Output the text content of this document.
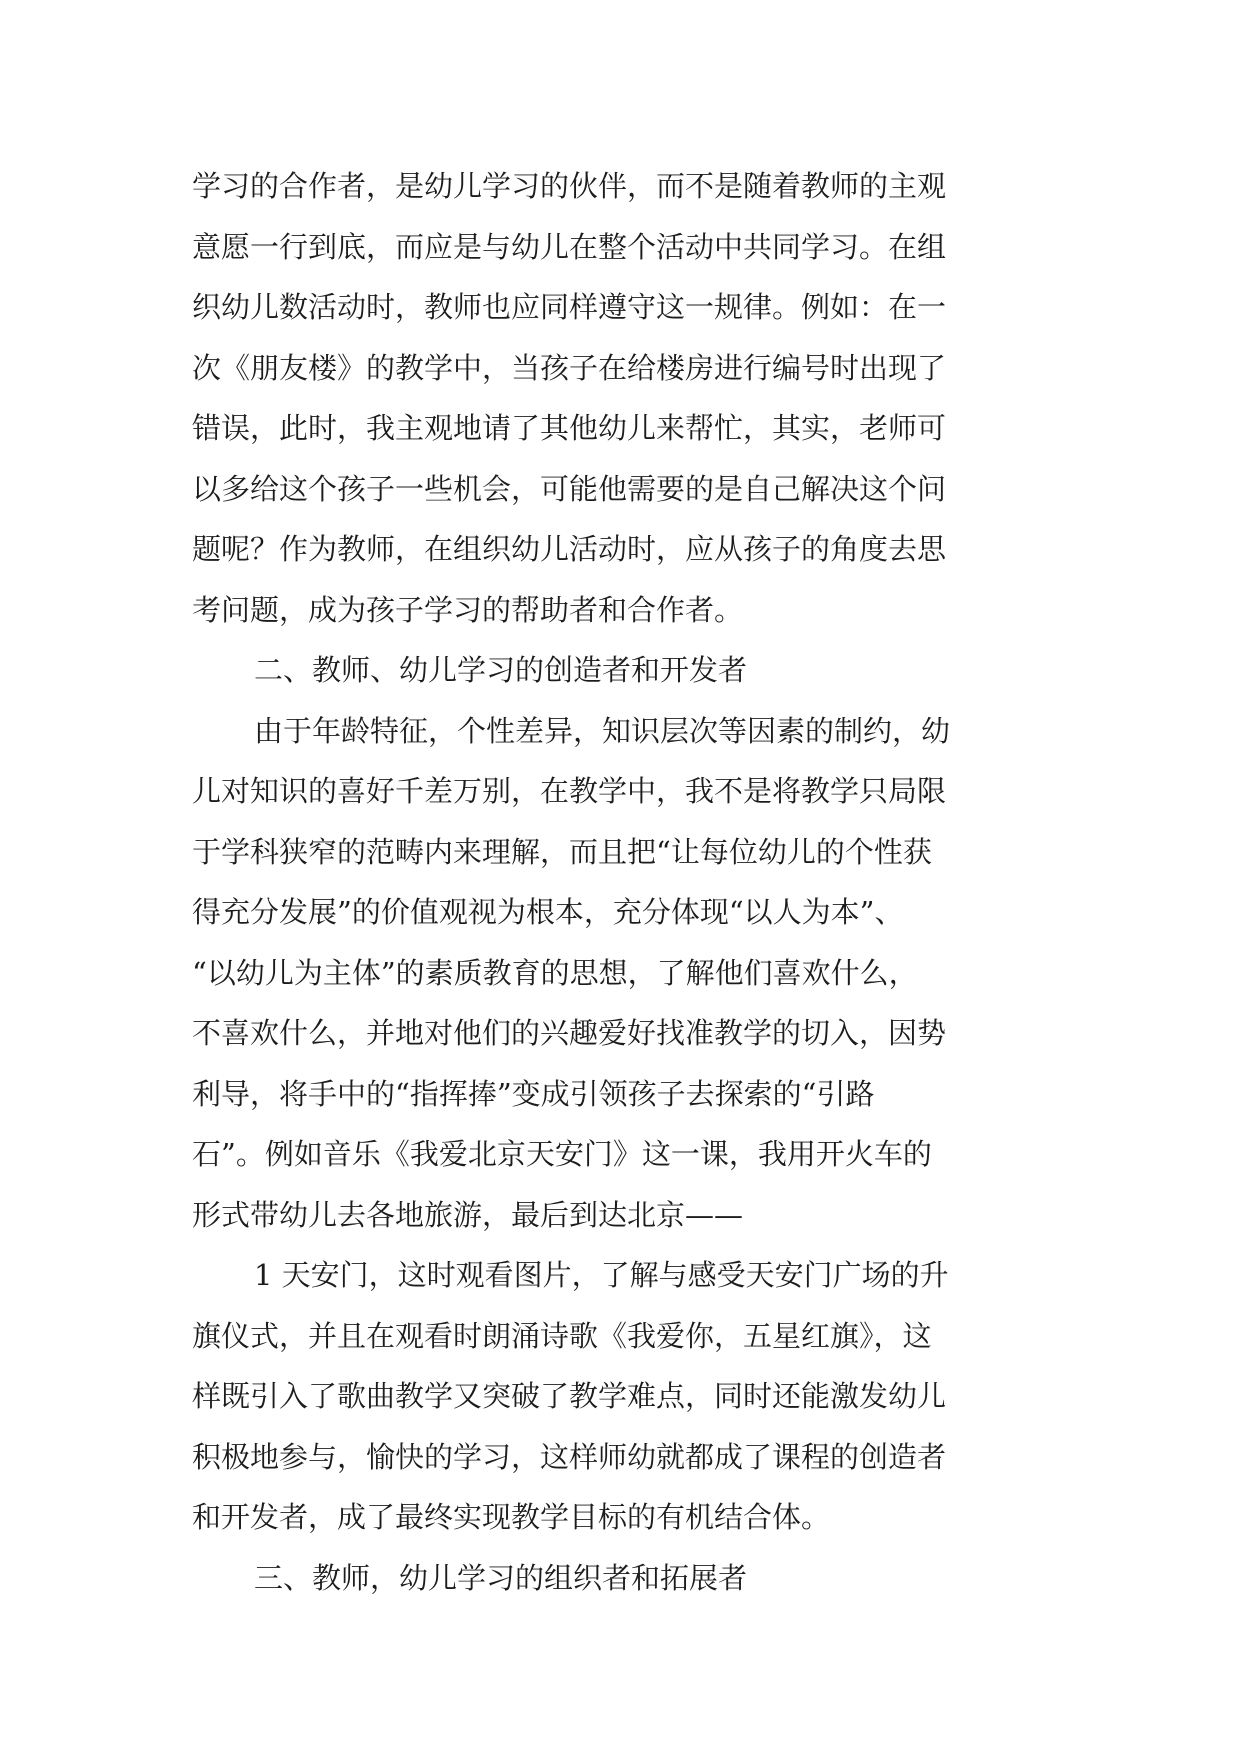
学习的合作者，是幼儿学习的伙伴，而不是随着教师的主观
意愿一行到底，而应是与幼儿在整个活动中共同学习。在组
织幼儿数活动时，教师也应同样遵守这一规律。例如：在一
次《朋友楼》的教学中，当孩子在给楼房进行编号时出现了
错误，此时，我主观地请了其他幼儿来帮忙，其实，老师可
以多给这个孩子一些机会，可能他需要的是自己解决这个问
题呢？作为教师，在组织幼儿活动时，应从孩子的角度去思
考问题，成为孩子学习的帮助者和合作者。
二、教师、幼儿学习的创造者和开发者
由于年龄特征，个性差异，知识层次等因素的制约，幼
儿对知识的喜好千差万别，在教学中，我不是将教学只局限
于学科狭窄的范畴内来理解，而且把“让每位幼儿的个性获
得充分发展”的价值观视为根本，充分体现“以人为本”、
“以幼儿为主体”的素质教育的思想，了解他们喜欢什么，
不喜欢什么，并地对他们的兴趣爱好找准教学的切入，因势
利导，将手中的“指挥捧”变成引领孩子去探索的“引路
石”。例如音乐《我爱北京天安门》这一课，我用开火车的
形式带幼儿去各地旅游，最后到达北京——
1 天安门，这时观看图片，了解与感受天安门广场的升
旗仪式，并且在观看时朗涌诗歌《我爱你，五星红旗》，这
样既引入了歌曲教学又突破了教学难点，同时还能激发幼儿
积极地参与，愉快的学习，这样师幼就都成了课程的创造者
和开发者，成了最终实现教学目标的有机结合体。
三、教师，幼儿学习的组织者和拓展者
